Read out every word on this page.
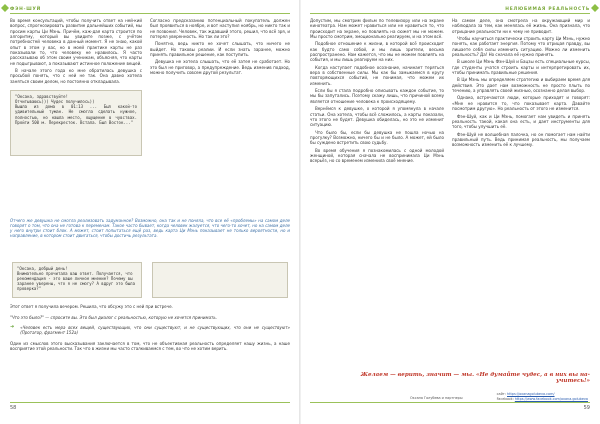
ФЭН-ШУЙ

Во время консультаций, чтобы получить ответ на ней-кий вопрос, спрогнозировать развитие дальнейших событий, мы просим карты Ци Мэнь. Причём, каж-дая карта строится по алгоритму, который вы увидите позже, с учётом потребностей человека в данный момент. Я не знаю, какой опыт в этом у вас, но в моей практике карты не раз показывали то, что человеку не нравилось. Я часто рассказываю об этом своим ученикам, объясняя, что карты не подыгрывают, а показывают истинное положение вещей.

В начале этого года ко мне обратилась девушка с просьбой понять, что с ней не так. Она давно хотела заняться своим делом, но постоянно откладывала.

"Оксана, здравствуйте!
Отчитываюсь))) Чудес получилось))
Вышла из дома в 01:13 ... Был какой-то удивительный туман. Не смогла сделать нужное, полностью, но нашла место, ощущение в чувствах. Пройти 500 м. Перекресток. Встала. Был Восток..."

Согласно предсказанию потенциальный покупатель должен был проявиться в ноябре, и вот наступил ноябрь, но никто так и не позвонил. Человек, так ждавший этого, решил, что всё зря, и потерял уверенность. Но так ли это?

Понятно, ведь никто не хочет слышать, что ничего не выйдет. Но таковы реалии. И если знать заранее, можно принять правильное решение, как поступить.

Девушка не хотела слышать, что её затея не сработает. Но это был не приговор, а предупреждение. Ведь изменив подход, можно получить совсем другой результат.

Отчего же девушка не смогла реализовать задуманное? Возможно, она так и не поняла, что все её «проблемы» на самом деле говорят о том, что она не готова к переменам. Такое часто бывает, когда человек жалуется, что чего-то хочет, но на самом деле у него внутри стоит блок. А может, стоит попытаться ещё раз, ведь карта Ци Мэнь показывает не только вероятности, но и направление, в котором стоит двигаться, чтобы достичь результата.
"Оксана, добрый день!
Внимательно прочитала ваш ответ. Получается, что рекомендация - это ваше личное мнение? Почему вы заранее уверены, что я не смогу? А вдруг это была проверка?"

Этот ответ я получила вечером. Решила, что обсужу это с ней при встрече.

"Что это было?" — спросите вы. Это был диалог с реальностью, которую не хочется принимать.

➜	«Человек есть мера всех вещей, существующих, что они существуют, и не существующих, что они не существуют» (Протагор, фрагмент 152a)

Один из смыслов этого высказывания заключается в том, что не объективная реальность определяет нашу жизнь, а наше восприятие этой реальности. Так что в жизни мы часто сталкиваемся с тем, во что не хотим верить.

58
НЕЛЮБИМАЯ РЕАЛЬНОСТЬ

Допустим, мы смотрим фильм по телевизору или на экране кинотеатра. Нам может нравиться или не нравиться то, что происходит на экране, но повлиять на сюжет мы не можем. Мы просто смотрим, эмоционально реагируем, и на этом всё.

Подобное отношение к жизни, в которой всё происходит как будто само собой, и мы лишь зрители, весьма распространено. Нам кажется, что мы не можем повлиять на события, и мы лишь реагируем на них.

Когда наступает подобное осознание, начинает теряться вера в собственные силы. Мы как бы замыкаемся в кругу повторяющихся событий, не понимая, что можем их изменить.

Если бы я стала подробно описывать каждое событие, то мы бы запутались. Поэтому скажу лишь, что причиной всему является отношение человека к происходящему.

Вернёмся к девушке, о которой я упомянула в начале статьи. Она хотела, чтобы всё сложилось, а карты показали, что этого не будет. Девушка обиделась, но это не изменит ситуацию.

Что было бы, если бы девушка не пошла ночью на прогулку? Возможно, ничего бы и не было. А может, ей было бы суждено встретить свою судьбу.

Во время обучения я познакомилась с одной молодой женщиной, которая сначала не воспринимала Ци Мэнь всерьёз, но со временем изменила своё мнение.

На самом деле, она смотрела на окружающий мир и наблюдала за тем, как менялась её жизнь. Она признала, что отрицание реальности ни к чему не приводит.

Чтобы научиться практически строить карту Ци Мэнь, нужно понять, как работает энергия. Потому что отрицая правду, вы лишаете себя силы изменить ситуацию. Можно ли изменить реальность? Да! Но сначала её нужно принять.

В школе Ци Мэнь Фэн-Шуй и Бацзы есть специальные курсы, где студенты учатся строить карты и интерпретировать их, чтобы принимать правильные решения.

В Ци Мэнь мы определяем стратегию и выбираем время для действия. Это дает нам возможность не просто плыть по течению, а управлять своей жизнью, осознанно делая выбор.

Однако, встречаются люди, которые приходят и говорят: «Мне не нравится то, что показывает карта. Давайте посмотрим другую». Но реальность от этого не изменится.

Фэн-Шуй, как и Ци Мэнь, помогает нам увидеть и принять реальность такой, какая она есть, и дает инструменты для того, чтобы улучшить её.

Фэн-Шуй не волшебная палочка, но он помогает нам найти правильный путь. Ведь принимая реальность, мы получаем возможность изменить её к лучшему.

59
Оксана Голубева и партнеры
сайт: https://oxanagolubeva.com/
Facebook: https://www.facebook.com/oxana.golubeva
Желаем — верить, значит — мы. «Не думайте чудес, а в них вы на-учитесь!»
